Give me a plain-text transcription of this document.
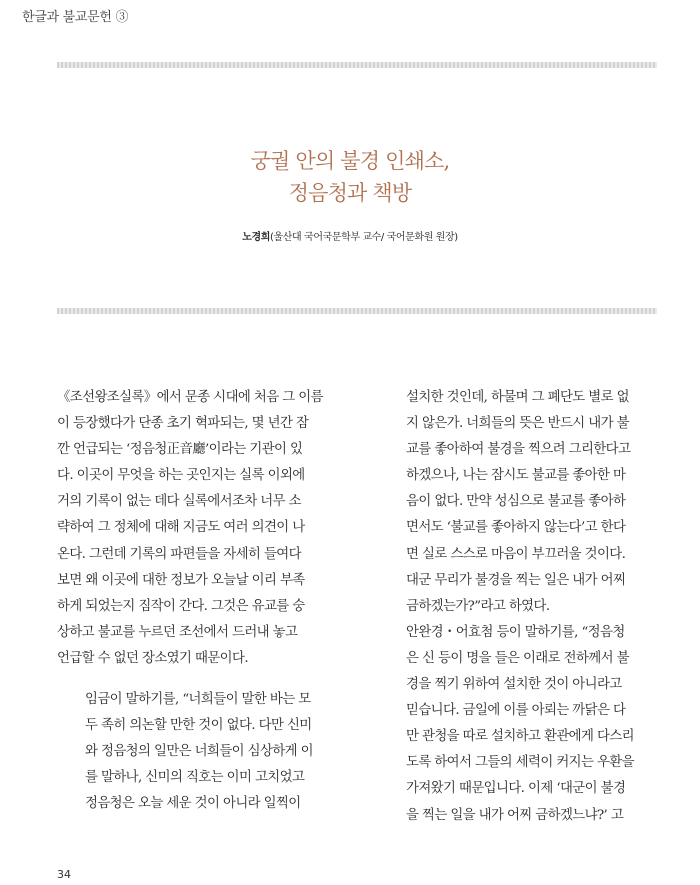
한글과 불교문헌 ③
궁궐 안의 불경 인쇄소,
정음청과 책방
노경희(울산대 국어국문학부 교수/ 국어문화원 원장)
《조선왕조실록》에서 문종 시대에 처음 그 이름
이 등장했다가 단종 초기 혁파되는, 몇 년간 잠
깐 언급되는 ‘정음청正音廳’이라는 기관이 있
다. 이곳이 무엇을 하는 곳인지는 실록 이외에
거의 기록이 없는 데다 실록에서조차 너무 소
략하여 그 정체에 대해 지금도 여러 의견이 나
온다. 그런데 기록의 파편들을 자세히 들여다
보면 왜 이곳에 대한 정보가 오늘날 이리 부족
하게 되었는지 짐작이 간다. 그것은 유교를 숭
상하고 불교를 누르던 조선에서 드러내 놓고
언급할 수 없던 장소였기 때문이다.
임금이 말하기를, “너희들이 말한 바는 모
두 족히 의논할 만한 것이 없다. 다만 신미
와 정음청의 일만은 너희들이 심상하게 이
를 말하나, 신미의 직호는 이미 고치었고
정음청은 오늘 세운 것이 아니라 일찍이
설치한 것인데, 하물며 그 폐단도 별로 없
지 않은가. 너희들의 뜻은 반드시 내가 불
교를 좋아하여 불경을 찍으려 그리한다고
하겠으나, 나는 잠시도 불교를 좋아한 마
음이 없다. 만약 성심으로 불교를 좋아하
면서도 ‘불교를 좋아하지 않는다’고 한다
면 실로 스스로 마음이 부끄러울 것이다.
대군 무리가 불경을 찍는 일은 내가 어찌
금하겠는가?”라고 하였다.
안완경・어효첨 등이 말하기를, “정음청
은 신 등이 명을 들은 이래로 전하께서 불
경을 찍기 위하여 설치한 것이 아니라고
믿습니다. 금일에 이를 아뢰는 까닭은 다
만 관청을 따로 설치하고 환관에게 다스리
도록 하여서 그들의 세력이 커지는 우환을
가져왔기 때문입니다. 이제 ‘대군이 불경
을 찍는 일을 내가 어찌 금하겠느냐?’ 고
34
